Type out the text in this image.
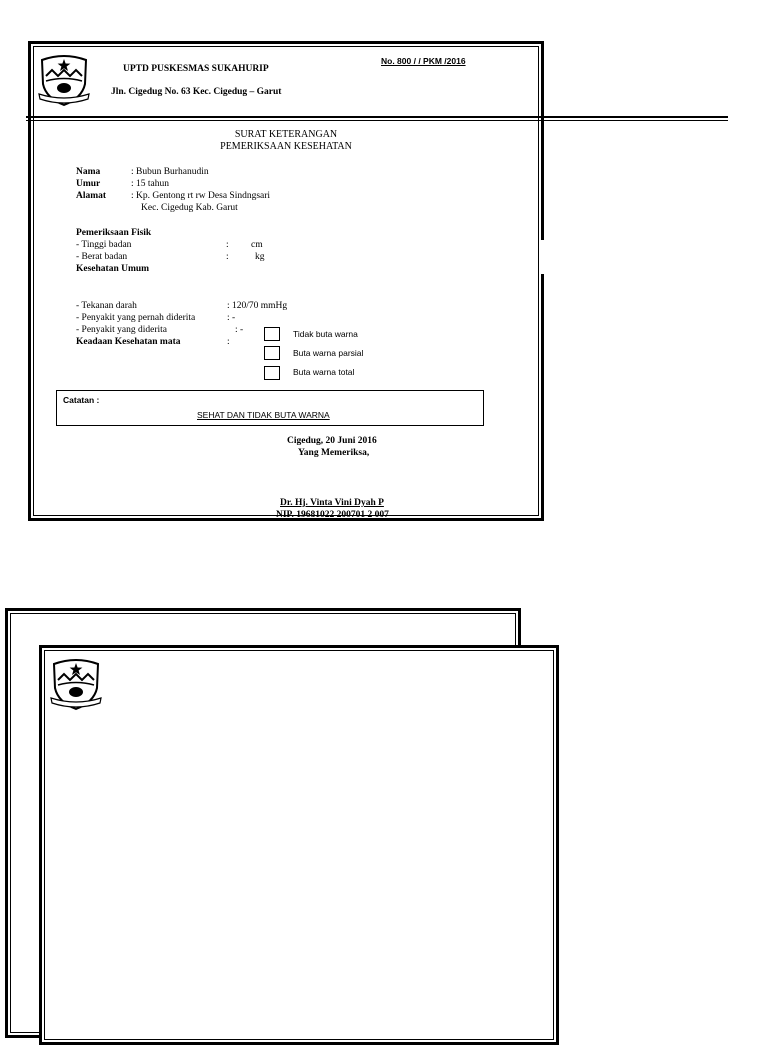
UPTD PUSKESMAS SUKAHURIP
Jln. Cigedug No. 63 Kec. Cigedug – Garut
No. 800 / / PKM /2016
SURAT KETERANGAN
PEMERIKSAAN KESEHATAN
Nama	: Bubun Burhanudin
Umur	: 15 tahun
Alamat	: Kp. Gentong rt rw Desa Sindngsari
Kec. Cigedug Kab. Garut
Pemeriksaan Fisik
- Tinggi badan	: cm
- Berat badan	:	kg
Kesehatan Umum
- Tekanan darah	: 120/70 mmHg
- Penyakit yang pernah diderita	: -
- Penyakit yang diderita	: -
Keadaan Kesehatan mata	:
Tidak buta warna
Buta warna parsial
Buta warna total
Catatan :
SEHAT DAN TIDAK BUTA WARNA
Cigedug, 20 Juni 2016
Yang Memeriksa,
Dr. Hj. Vinta Vini Dyah P
NIP. 19681022 200701 2 007
